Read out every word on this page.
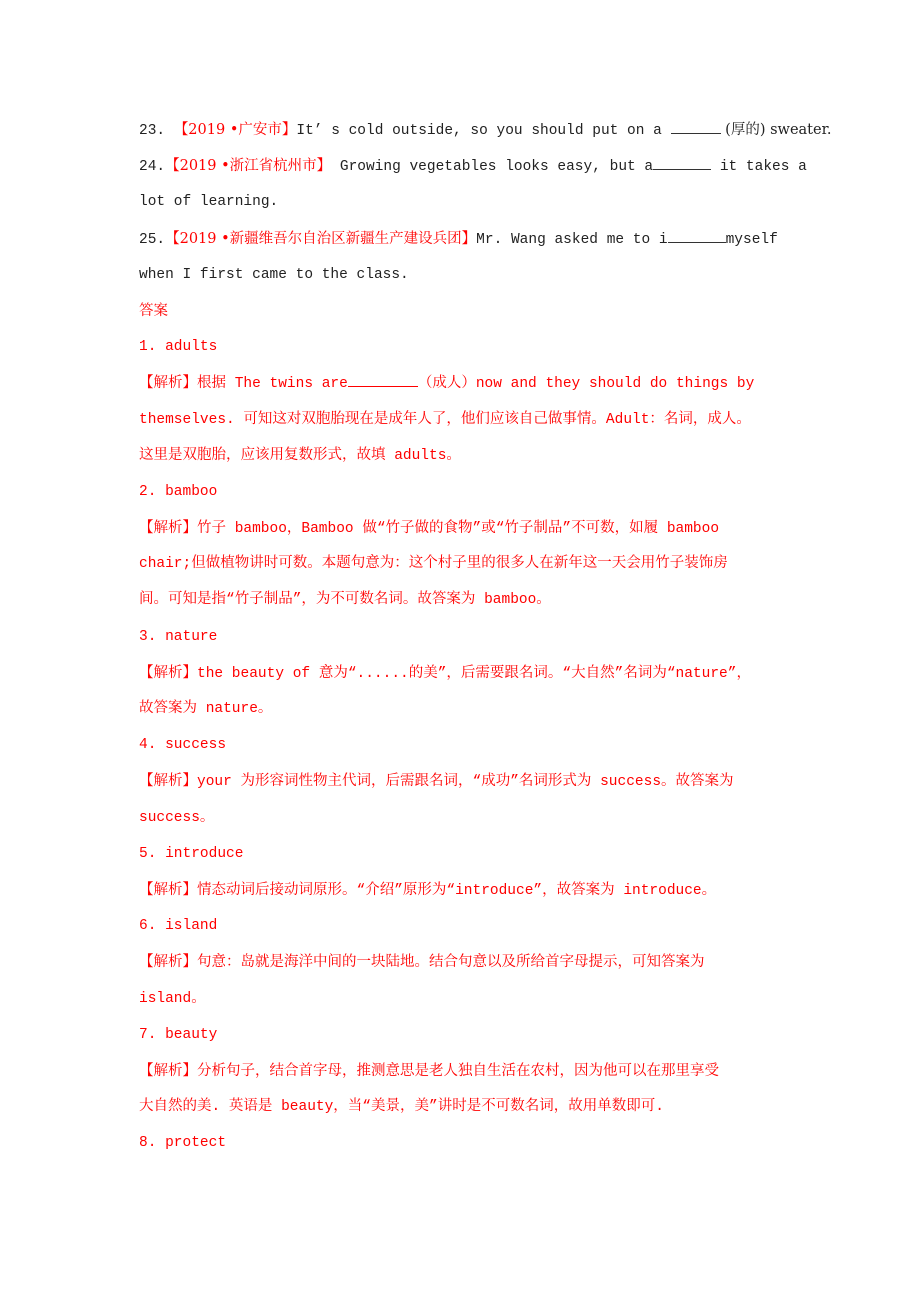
23. 【2019 •广安市】It’ s cold outside, so you should put on a	(厚的) sweater.
24.【2019 •浙江省杭州市】 Growing vegetables looks easy, but a	it takes a
lot of learning.
25.【2019 •新疆维吾尔自治区新疆生产建设兵团】Mr. Wang asked me to i	myself
when I first came to the class.
答案
1. adults
【解析】根据 The twins are	（成人）now and they should do things by
themselves. 可知这对双胞胎现在是成年人了，他们应该自己做事情。Adult：名词，成人。
这里是双胞胎，应该用复数形式，故填 adults。
2. bamboo
【解析】竹子 bamboo，Bamboo 做“竹子做的食物”或“竹子制品”不可数，如履 bamboo
chair;但做植物讲时可数。本题句意为：这个村子里的很多人在新年这一天会用竹子装饰房
间。可知是指“竹子制品”，为不可数名词。故答案为 bamboo。
3. nature
【解析】the beauty of 意为“......的美”，后需要跟名词。“大自然”名词为“nature”，
故答案为 nature。
4. success
【解析】your 为形容词性物主代词，后需跟名词，“成功”名词形式为 success。故答案为
success。
5. introduce
【解析】情态动词后接动词原形。“介绍”原形为“introduce”，故答案为 introduce。
6. island
【解析】句意：岛就是海洋中间的一块陆地。结合句意以及所给首字母提示，可知答案为
island。
7. beauty
【解析】分析句子，结合首字母，推测意思是老人独自生活在农村，因为他可以在那里享受
大自然的美. 英语是 beauty，当“美景，美”讲时是不可数名词，故用单数即可.
8. protect
